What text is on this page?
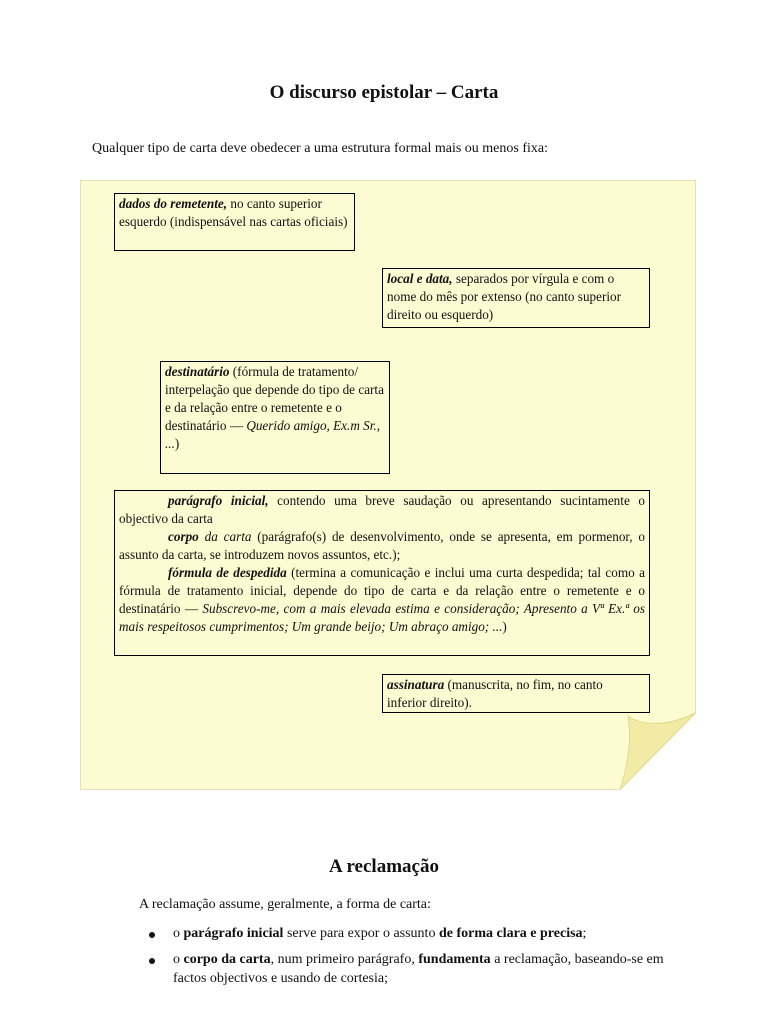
O discurso epistolar – Carta
Qualquer tipo de carta deve obedecer a uma estrutura formal mais ou menos fixa:
dados do remetente, no canto superior esquerdo (indispensável nas cartas oficiais)
local e data, separados por vírgula e com o nome do mês por extenso (no canto superior direito ou esquerdo)
destinatário (fórmula de tratamento/ interpelação que depende do tipo de carta e da relação entre o remetente e o destinatário — Querido amigo, Ex.m Sr., ...)

parágrafo inicial, contendo uma breve saudação ou apresentando sucintamente o objectivo da carta

corpo da carta (parágrafo(s) de desenvolvimento, onde se apresenta, em pormenor, o assunto da carta, se introduzem novos assuntos, etc.);

fórmula de despedida (termina a comunicação e inclui uma curta despedida; tal como a fórmula de tratamento inicial, depende do tipo de carta e da relação entre o remetente e o destinatário — Subscrevo-me, com a mais elevada estima e consideração; Apresento a Vª Ex.ª os mais respeitosos cumprimentos; Um grande beijo; Um abraço amigo; ...)

assinatura (manuscrita, no fim, no canto inferior direito).
A reclamação
A reclamação assume, geralmente, a forma de carta:
o parágrafo inicial serve para expor o assunto de forma clara e precisa;
o corpo da carta, num primeiro parágrafo, fundamenta a reclamação, baseando-se em factos objectivos e usando de cortesia;
